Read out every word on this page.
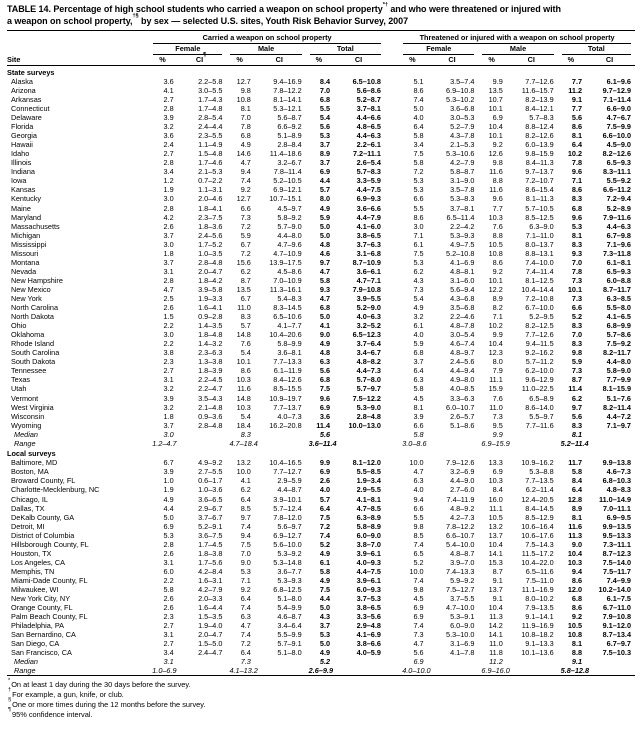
TABLE 14. Percentage of high school students who carried a weapon on school property*† and who were threatened or injured with
a weapon on school property,†§ by sex — selected U.S. sites, Youth Risk Behavior Survey, 2007

	Carried a weapon on school property							Threatened or injured with a weapon on school property					

	Female		Male		Total			Female		Male		Total	

Site	%	CI¶	%	CI	%	CI		%	CI	%	CI	%	CI
State surveys													
Alaska	3.6	2.2–5.8	12.7	9.4–16.9	8.4	6.5–10.8		5.1	3.5–7.4	9.9	7.7–12.6	7.7	6.1–9.6
Arizona	4.1	3.0–5.5	9.8	7.8–12.2	7.0	5.6–8.6		8.6	6.9–10.8	13.5	11.6–15.7	11.2	9.7–12.9
Arkansas	2.7	1.7–4.3	10.8	8.1–14.1	6.8	5.2–8.7		7.4	5.3–10.2	10.7	8.2–13.9	9.1	7.1–11.4
Connecticut	2.8	1.7–4.8	8.1	5.3–12.1	5.5	3.7–8.1		5.0	3.6–6.8	10.1	8.4–12.1	7.7	6.6–9.0
Delaware	3.9	2.8–5.4	7.0	5.6–8.7	5.4	4.4–6.6		4.0	3.0–5.3	6.9	5.7–8.3	5.6	4.7–6.7
Florida	3.2	2.4–4.4	7.8	6.6–9.2	5.6	4.8–6.5		6.4	5.2–7.9	10.4	8.8–12.4	8.6	7.5–9.9
Georgia	3.6	2.3–5.5	6.8	5.1–8.9	5.3	4.4–6.3		5.8	4.3–7.8	10.1	8.2–12.6	8.1	6.6–10.0
Hawaii	2.4	1.1–4.9	4.9	2.8–8.4	3.7	2.2–6.1		3.4	2.1–5.3	9.2	6.0–13.9	6.4	4.5–9.0
Idaho	2.7	1.5–4.8	14.6	11.4–18.6	8.9	7.2–11.1		7.5	5.3–10.6	12.6	9.8–15.9	10.2	8.2–12.6
Illinois	2.8	1.7–4.6	4.7	3.2–6.7	3.7	2.6–5.4		5.8	4.2–7.9	9.8	8.4–11.3	7.8	6.5–9.3
Indiana	3.4	2.1–5.3	9.4	7.8–11.4	6.9	5.7–8.3		7.2	5.8–8.7	11.6	9.7–13.7	9.6	8.3–11.1
Iowa	1.2	0.7–2.2	7.4	5.2–10.5	4.4	3.3–5.9		5.3	3.1–9.0	8.8	7.2–10.7	7.1	5.5–9.2
Kansas	1.9	1.1–3.1	9.2	6.9–12.1	5.7	4.4–7.5		5.3	3.5–7.8	11.6	8.6–15.4	8.6	6.6–11.2
Kentucky	3.0	2.0–4.6	12.7	10.7–15.1	8.0	6.9–9.3		6.6	5.3–8.3	9.6	8.1–11.3	8.3	7.2–9.4
Maine	2.8	1.8–4.1	6.6	4.5–9.7	4.9	3.6–6.6		5.5	3.7–8.1	7.7	5.7–10.5	6.8	5.2–8.9
Maryland	4.2	2.3–7.5	7.3	5.8–9.2	5.9	4.4–7.9		8.6	6.5–11.4	10.3	8.5–12.5	9.6	7.9–11.6
Massachusetts	2.6	1.8–3.6	7.2	5.7–9.0	5.0	4.1–6.0		3.0	2.2–4.2	7.6	6.3–9.0	5.3	4.4–6.3
Michigan	3.7	2.4–5.6	5.9	4.4–8.0	5.0	3.8–6.5		7.1	5.3–9.3	8.8	7.1–11.0	8.1	6.7–9.8
Mississippi	3.0	1.7–5.2	6.7	4.7–9.6	4.8	3.7–6.3		6.1	4.9–7.5	10.5	8.0–13.7	8.3	7.1–9.6
Missouri	1.8	1.0–3.5	7.2	4.7–10.9	4.6	3.1–6.8		7.5	5.2–10.8	10.8	8.8–13.1	9.3	7.3–11.8
Montana	3.7	2.8–4.8	15.6	13.9–17.5	9.7	8.7–10.9		5.3	4.1–6.9	8.6	7.4–10.0	7.0	6.1–8.1
Nevada	3.1	2.0–4.7	6.2	4.5–8.6	4.7	3.6–6.1		6.2	4.8–8.1	9.2	7.4–11.4	7.8	6.5–9.3
New Hampshire	2.8	1.8–4.2	8.7	7.0–10.9	5.8	4.7–7.1		4.3	3.1–6.0	10.1	8.1–12.5	7.3	6.0–8.8
New Mexico	4.7	3.9–5.8	13.5	11.3–16.1	9.3	7.9–10.8		7.3	5.6–9.4	12.2	10.4–14.4	10.1	8.7–11.7
New York	2.5	1.9–3.3	6.7	5.4–8.3	4.7	3.9–5.5		5.4	4.3–6.8	8.9	7.2–10.8	7.3	6.3–8.5
North Carolina	2.6	1.6–4.1	11.0	8.3–14.5	6.8	5.2–9.0		4.9	3.5–6.8	8.2	6.7–10.0	6.6	5.5–8.0
North Dakota	1.5	0.9–2.8	8.3	6.5–10.6	5.0	4.0–6.3		3.2	2.2–4.6	7.1	5.2–9.5	5.2	4.1–6.5
Ohio	2.2	1.4–3.5	5.7	4.1–7.7	4.1	3.2–5.2		6.1	4.8–7.8	10.2	8.2–12.5	8.3	6.8–9.9
Oklahoma	3.0	1.8–4.8	14.8	10.4–20.6	9.0	6.5–12.3		4.0	3.0–5.4	9.9	7.7–12.6	7.0	5.7–8.6
Rhode Island	2.2	1.4–3.2	7.6	5.8–9.9	4.9	3.7–6.4		5.9	4.6–7.4	10.4	9.4–11.5	8.3	7.5–9.2
South Carolina	3.8	2.3–6.3	5.4	3.6–8.1	4.8	3.4–6.7		6.8	4.8–9.7	12.3	9.2–16.2	9.8	8.2–11.7
South Dakota	2.3	1.3–3.8	10.1	7.7–13.3	6.3	4.8–8.2		3.7	2.4–5.6	8.0	5.7–11.2	5.9	4.4–8.0
Tennessee	2.7	1.8–3.9	8.6	6.1–11.9	5.6	4.4–7.3		6.4	4.4–9.4	7.9	6.2–10.0	7.3	5.8–9.0
Texas	3.1	2.2–4.5	10.3	8.4–12.6	6.8	5.7–8.0		6.3	4.9–8.0	11.1	9.6–12.9	8.7	7.7–9.9
Utah	3.2	2.2–4.7	11.6	8.5–15.5	7.5	5.7–9.7		5.8	4.0–8.5	15.9	11.0–22.5	11.4	8.1–15.9
Vermont	3.9	3.5–4.3	14.8	10.9–19.7	9.6	7.5–12.2		4.5	3.3–6.3	7.6	6.5–8.9	6.2	5.1–7.6
West Virginia	3.2	2.1–4.8	10.3	7.7–13.7	6.9	5.3–9.0		8.1	6.0–10.7	11.0	8.6–14.0	9.7	8.2–11.4
Wisconsin	1.8	0.9–3.6	5.4	4.0–7.3	3.6	2.8–4.8		3.9	2.6–5.7	7.3	5.5–9.7	5.6	4.4–7.2
Wyoming	3.7	2.8–4.8	18.4	16.2–20.8	11.4	10.0–13.0		6.6	5.1–8.6	9.5	7.7–11.6	8.3	7.1–9.7
Median	3.0		8.3		5.6			5.8		9.9		8.1	
Range	1.2–4.7		4.7–18.4		3.6–11.4			3.0–8.6		6.9–15.9		5.2–11.4	
Local surveys													
Baltimore, MD	6.7	4.9–9.2	13.2	10.4–16.5	9.9	8.1–12.0		10.0	7.9–12.6	13.3	10.9–16.2	11.7	9.9–13.8
Boston, MA	3.9	2.7–5.5	10.0	7.7–12.7	6.9	5.5–8.5		4.7	3.2–6.9	6.9	5.3–8.8	5.8	4.6–7.3
Broward County, FL	1.0	0.6–1.7	4.1	2.9–5.9	2.6	1.9–3.4		6.3	4.4–9.0	10.3	7.7–13.5	8.4	6.8–10.3
Charlotte-Mecklenburg, NC	1.9	1.0–3.6	6.2	4.4–8.7	4.0	2.9–5.5		4.0	2.7–6.0	8.4	6.2–11.4	6.4	4.8–8.3
Chicago, IL	4.9	3.6–6.5	6.4	3.9–10.1	5.7	4.1–8.1		9.4	7.4–11.9	16.0	12.4–20.5	12.8	11.0–14.9
Dallas, TX	4.4	2.9–6.7	8.5	5.7–12.4	6.4	4.7–8.5		6.6	4.8–9.2	11.1	8.4–14.5	8.9	7.0–11.1
DeKalb County, GA	5.0	3.7–6.7	9.7	7.8–12.0	7.5	6.3–8.9		5.5	4.2–7.3	10.5	8.5–12.9	8.1	6.9–9.5
Detroit, MI	6.9	5.2–9.1	7.4	5.6–9.7	7.2	5.8–8.9		9.8	7.8–12.2	13.2	10.6–16.4	11.6	9.9–13.5
District of Columbia	5.3	3.6–7.5	9.4	6.9–12.7	7.4	6.0–9.0		8.5	6.6–10.7	13.7	10.6–17.6	11.3	9.5–13.3
Hillsborough County, FL	2.8	1.7–4.5	7.5	5.6–10.0	5.2	3.8–7.0		7.4	5.4–10.0	10.4	7.5–14.3	9.0	7.3–11.1
Houston, TX	2.6	1.8–3.8	7.0	5.3–9.2	4.9	3.9–6.1		6.5	4.8–8.7	14.1	11.5–17.2	10.4	8.7–12.3
Los Angeles, CA	3.1	1.7–5.6	9.0	5.3–14.8	6.1	4.0–9.3		5.2	3.9–7.0	15.3	10.4–22.0	10.3	7.5–14.0
Memphis, TN	6.0	4.2–8.4	5.3	3.6–7.7	5.8	4.4–7.5		10.0	7.4–13.3	8.7	6.5–11.6	9.4	7.5–11.7
Miami-Dade County, FL	2.2	1.6–3.1	7.1	5.3–9.3	4.9	3.9–6.1		7.4	5.9–9.2	9.1	7.5–11.0	8.6	7.4–9.9
Milwaukee, WI	5.8	4.2–7.9	9.2	6.8–12.5	7.5	6.0–9.3		9.8	7.5–12.7	13.7	11.1–16.9	12.0	10.2–14.0
New York City, NY	2.6	2.0–3.3	6.4	5.1–8.0	4.4	3.7–5.3		4.5	3.7–5.5	9.1	8.0–10.2	6.8	6.1–7.5
Orange County, FL	2.6	1.6–4.4	7.4	5.4–9.9	5.0	3.8–6.5		6.9	4.7–10.0	10.4	7.9–13.5	8.6	6.7–11.0
Palm Beach County, FL	2.3	1.5–3.5	6.3	4.6–8.7	4.3	3.3–5.6		6.9	5.3–9.1	11.3	9.1–14.1	9.2	7.9–10.8
Philadelphia, PA	2.7	1.9–4.0	4.7	3.4–6.4	3.7	2.9–4.8		7.4	6.0–9.0	14.2	11.9–16.9	10.5	9.1–12.0
San Bernardino, CA	3.1	2.0–4.7	7.4	5.5–9.9	5.3	4.1–6.9		7.3	5.3–10.0	14.1	10.8–18.2	10.8	8.7–13.4
San Diego, CA	2.7	1.5–5.0	7.2	5.7–9.1	5.0	3.8–6.6		4.7	3.1–6.9	11.0	9.1–13.3	8.1	6.7–9.7
San Francisco, CA	3.4	2.4–4.7	6.4	5.1–8.0	4.9	4.0–5.9		5.6	4.1–7.8	11.8	10.1–13.6	8.8	7.5–10.3
Median	3.1		7.3		5.2			6.9		11.2		9.1	
Range	1.0–6.9		4.1–13.2		2.6–9.9			4.0–10.0		6.9–16.0		5.8–12.8	
*On at least 1 day during the 30 days before the survey.
†For example, a gun, knife, or club.
§One or more times during the 12 months before the survey.
¶95% confidence interval.
